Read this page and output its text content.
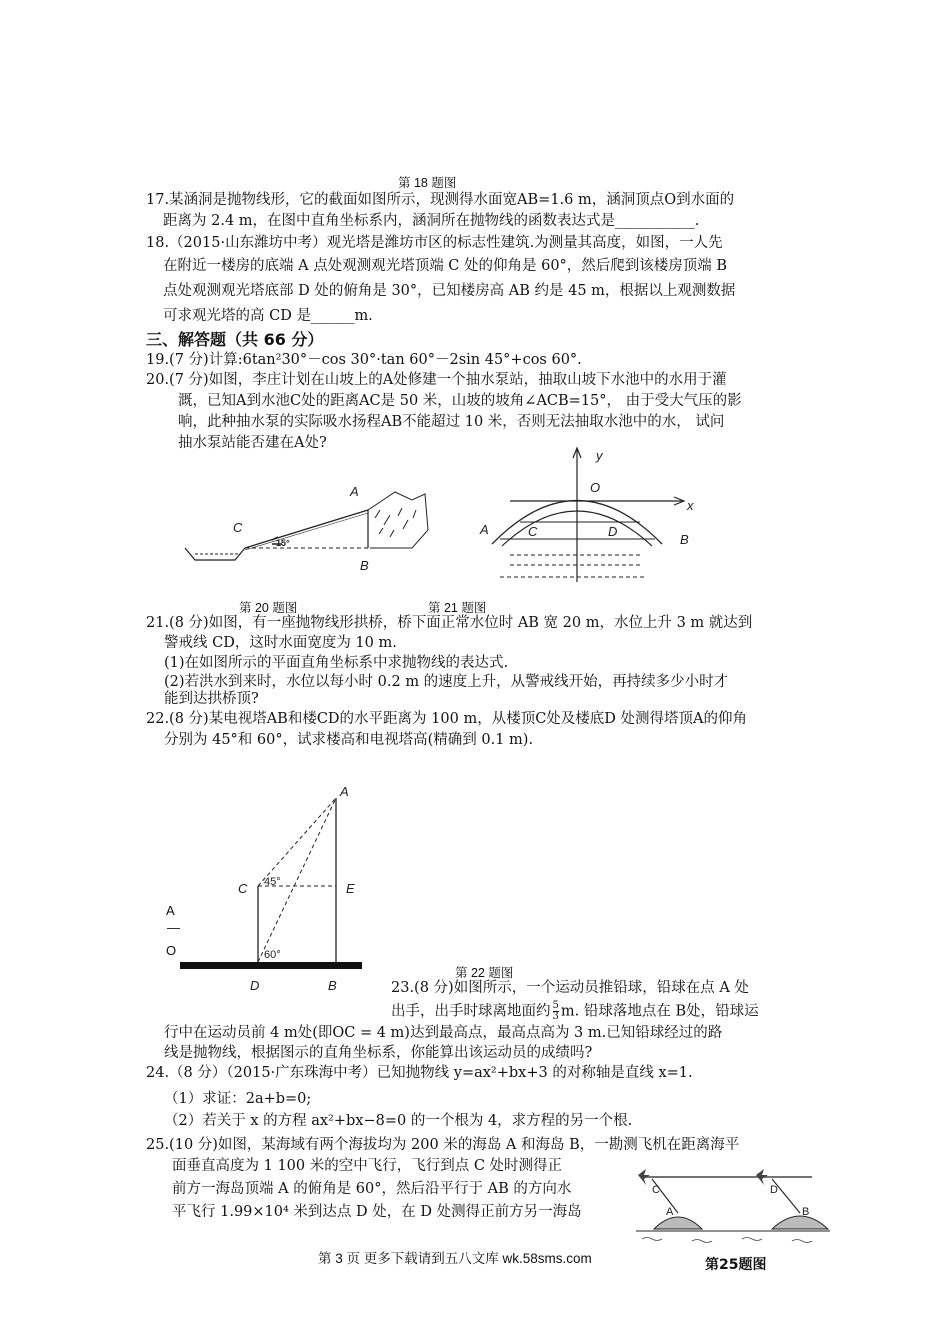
第 18 题图
17.某涵洞是抛物线形，它的截面如图所示，现测得水面宽AB=1.6 m，涵洞顶点O到水面的
距离为 2.4 m，在图中直角坐标系内，涵洞所在抛物线的函数表达式是___________.
18.（2015·山东潍坊中考）观光塔是潍坊市区的标志性建筑.为测量其高度，如图，一人先
在附近一楼房的底端 A 点处观测观光塔顶端 C 处的仰角是 60°，然后爬到该楼房顶端 B
点处观测观光塔底部 D 处的俯角是 30°，已知楼房高 AB 约是 45 m，根据以上观测数据
可求观光塔的高 CD 是______m.
三、解答题（共 66 分）
19.(7 分)计算:6tan²30°－cos 30°·tan 60°－2sin 45°+cos 60°.
20.(7 分)如图，李庄计划在山坡上的A处修建一个抽水泵站，抽取山坡下水池中的水用于灌
溉，已知A到水池C处的距离AC是 50 米，山坡的坡角∠ACB=15°， 由于受大气压的影
响，此种抽水泵的实际吸水扬程AB不能超过 10 米，否则无法抽取水池中的水， 试问
抽水泵站能否建在A处?
15°
A
B
C
y
x
O
A
B
C	D
第 20 题图	第 21 题图
21.(8 分)如图，有一座抛物线形拱桥，桥下面正常水位时 AB 宽 20 m，水位上升 3 m 就达到
警戒线 CD，这时水面宽度为 10 m.
(1)在如图所示的平面直角坐标系中求抛物线的表达式.
(2)若洪水到来时，水位以每小时 0.2 m 的速度上升，从警戒线开始，再持续多少小时才
能到达拱桥顶?
22.(8 分)某电视塔AB和楼CD的水平距离为 100 m，从楼顶C处及楼底D 处测得塔顶A的仰角
分别为 45°和 60°，试求楼高和电视塔高(精确到 0.1 m).
A
C	E
D	B
45°
60°
A
—
O
第 22 题图
23.(8 分)如图所示，一个运动员推铅球，铅球在点 A 处
出手，出手时球离地面约 $\frac{5}{3} m$. 铅球落地点在 B处，铅球运
行中在运动员前 4 m处(即OC = 4 m)达到最高点，最高点高为 3 m.已知铅球经过的路
线是抛物线，根据图示的直角坐标系，你能算出该运动员的成绩吗?
24.（8 分）（2015·广东珠海中考）已知抛物线 y=ax²+bx+3 的对称轴是直线 x=1.
（1）求证：2a+b=0;
（2）若关于 x 的方程 ax²+bx−8=0 的一个根为 4，求方程的另一个根.
25.(10 分)如图，某海域有两个海拔均为 200 米的海岛 A 和海岛 B，一勘测飞机在距离海平
面垂直高度为 1 100 米的空中飞行，飞行到点 C 处时测得正
前方一海岛顶端 A 的俯角是 60°，然后沿平行于 AB 的方向水
平飞行 1.99×10⁴ 米到达点 D 处，在 D 处测得正前方另一海岛
C	D
A	B
第 3 页 更多下载请到五八文库 wk.58sms.com	第25题图
